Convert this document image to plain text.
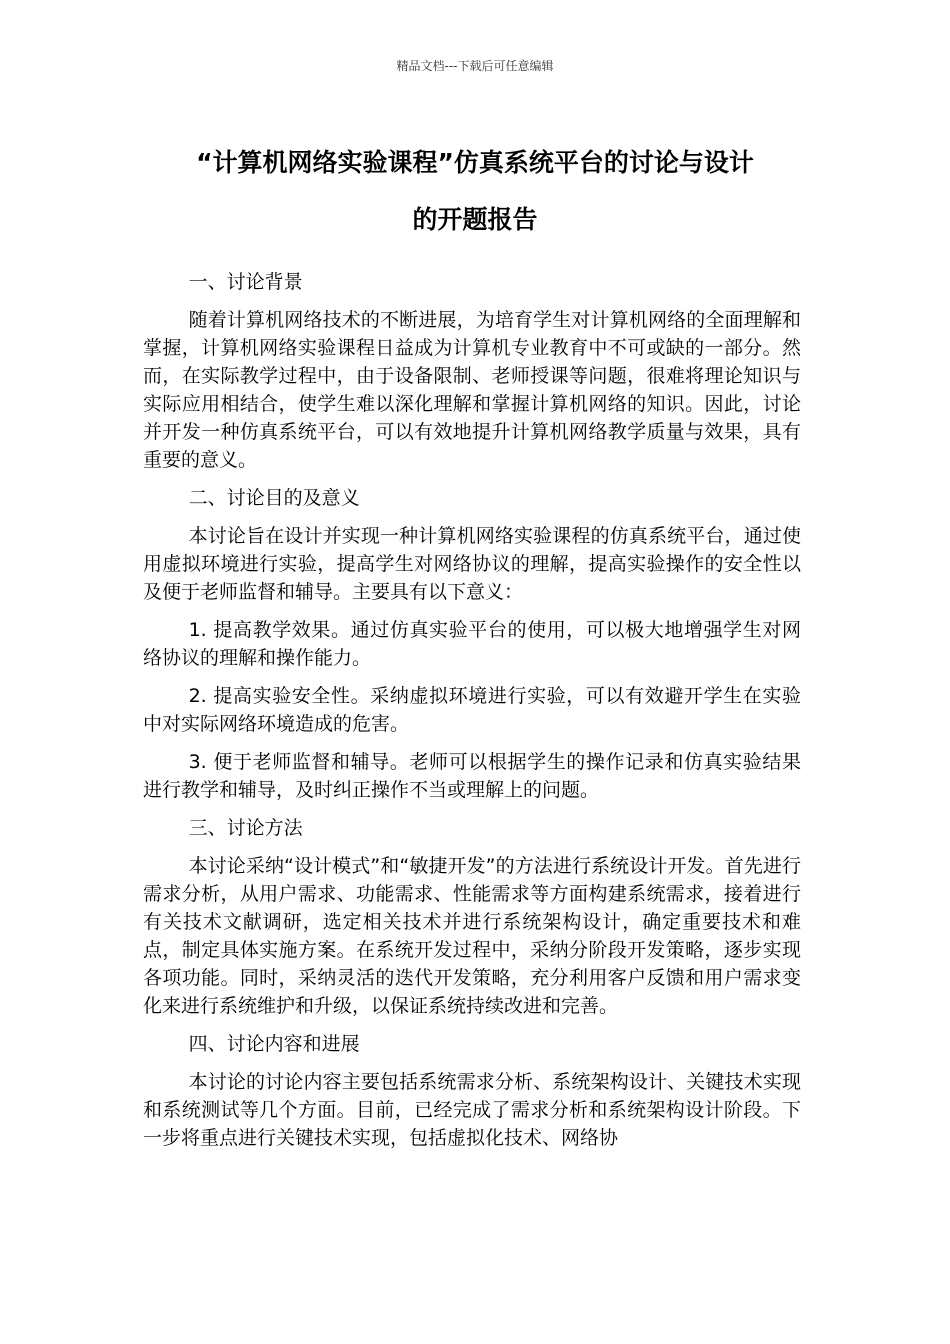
精品文档---下载后可任意编辑
“计算机网络实验课程”仿真系统平台的讨论与设计
的开题报告
一、讨论背景

随着计算机网络技术的不断进展，为培育学生对计算机网络的全面理解和掌握，计算机网络实验课程日益成为计算机专业教育中不可或缺的一部分。然而，在实际教学过程中，由于设备限制、老师授课等问题，很难将理论知识与实际应用相结合，使学生难以深化理解和掌握计算机网络的知识。因此，讨论并开发一种仿真系统平台，可以有效地提升计算机网络教学质量与效果，具有重要的意义。

二、讨论目的及意义

本讨论旨在设计并实现一种计算机网络实验课程的仿真系统平台，通过使用虚拟环境进行实验，提高学生对网络协议的理解，提高实验操作的安全性以及便于老师监督和辅导。主要具有以下意义：

1. 提高教学效果。通过仿真实验平台的使用，可以极大地增强学生对网络协议的理解和操作能力。

2. 提高实验安全性。采纳虚拟环境进行实验，可以有效避开学生在实验中对实际网络环境造成的危害。

3. 便于老师监督和辅导。老师可以根据学生的操作记录和仿真实验结果进行教学和辅导，及时纠正操作不当或理解上的问题。

三、讨论方法

本讨论采纳“设计模式”和“敏捷开发”的方法进行系统设计开发。首先进行需求分析，从用户需求、功能需求、性能需求等方面构建系统需求，接着进行有关技术文献调研，选定相关技术并进行系统架构设计，确定重要技术和难点，制定具体实施方案。在系统开发过程中，采纳分阶段开发策略，逐步实现各项功能。同时，采纳灵活的迭代开发策略，充分利用客户反馈和用户需求变化来进行系统维护和升级，以保证系统持续改进和完善。

四、讨论内容和进展

本讨论的讨论内容主要包括系统需求分析、系统架构设计、关键技术实现和系统测试等几个方面。目前，已经完成了需求分析和系统架构设计阶段。下一步将重点进行关键技术实现，包括虚拟化技术、网络协
